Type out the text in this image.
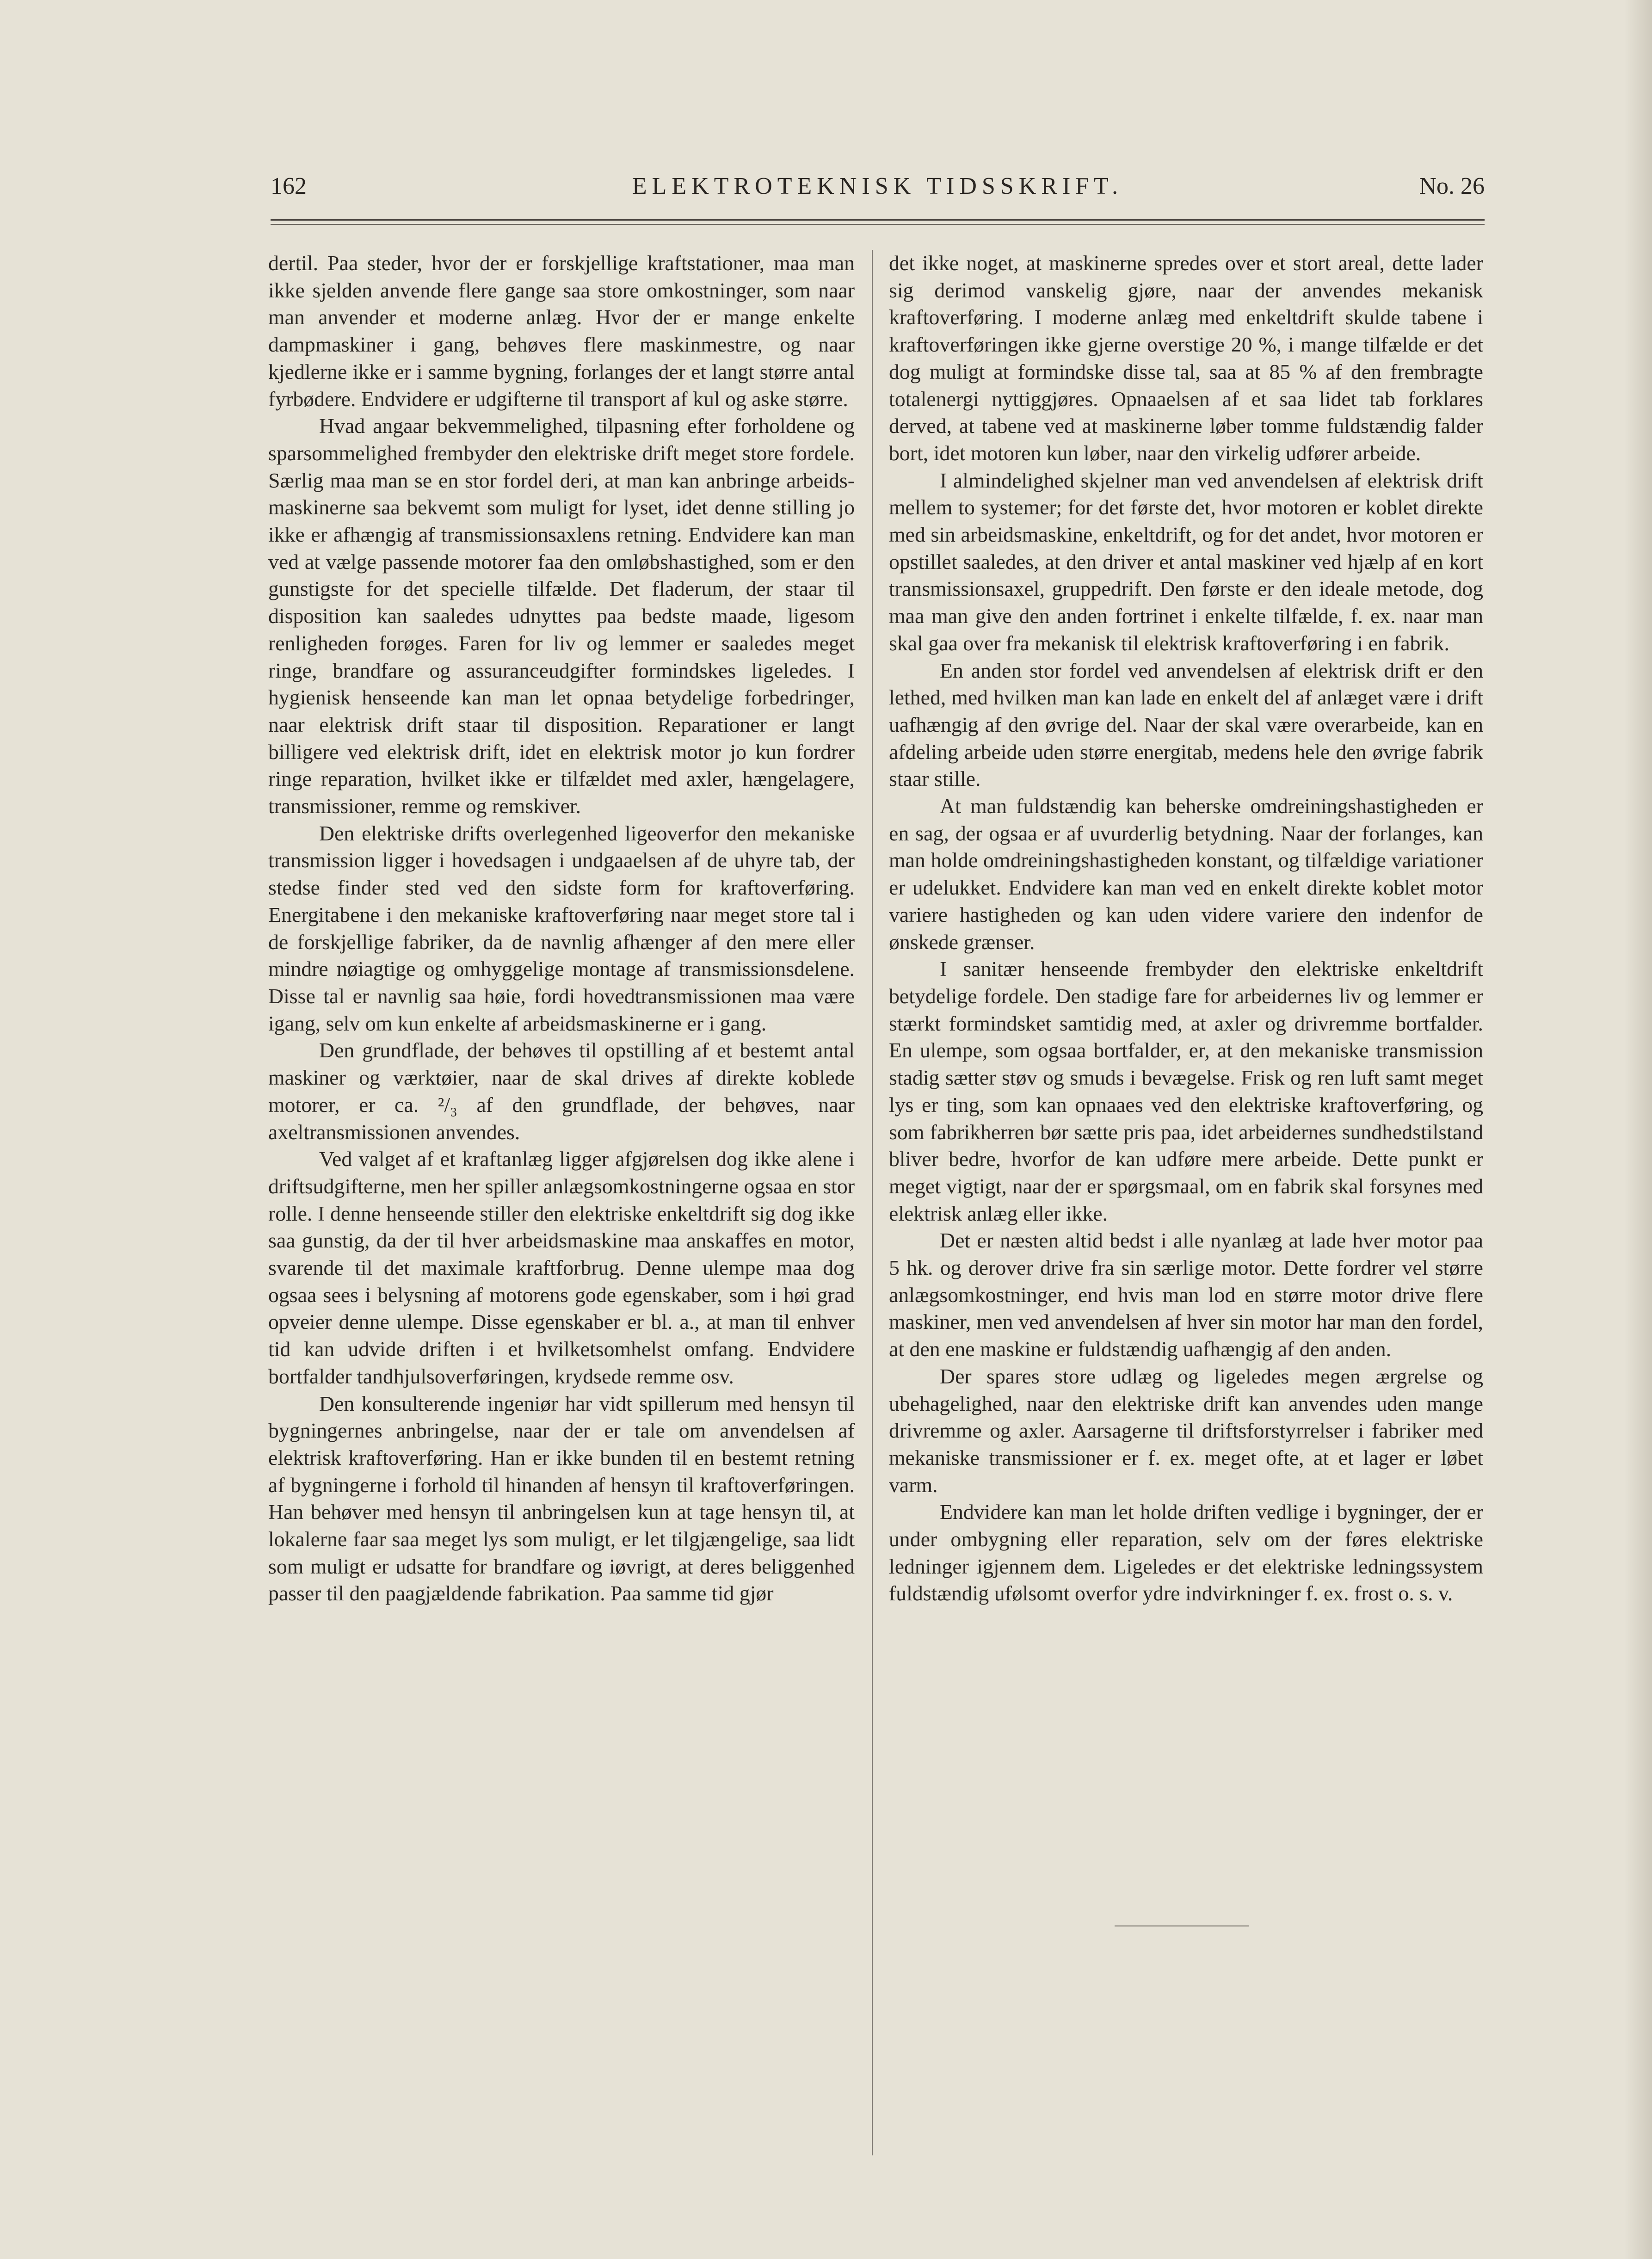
162	ELEKTROTEKNISK TIDSSKRIFT.	No. 26

dertil. Paa steder, hvor der er forskjellige kraftstationer, maa man ikke sjelden anvende flere gange saa store omkostninger, som naar man anvender et moderne anlæg. Hvor der er mange enkelte dampmaskiner i gang, behøves flere maskinmestre, og naar kjedlerne ikke er i samme bygning, forlanges der et langt større antal fyrbødere. Endvidere er udgifterne til transport af kul og aske større.

Hvad angaar bekvemmelighed, tilpasning efter forholdene og sparsommelighed frembyder den elektriske drift meget store fordele. Særlig maa man se en stor fordel deri, at man kan anbringe arbeidsmaskinerne saa bekvemt som muligt for lyset, idet denne stilling jo ikke er afhængig af transmissionsaxlens retning. Endvidere kan man ved at vælge passende motorer faa den omløbshastighed, som er den gunstigste for det specielle tilfælde. Det fladerum, der staar til disposition kan saaledes udnyttes paa bedste maade, ligesom renligheden forøges. Faren for liv og lemmer er saaledes meget ringe, brandfare og assuranceudgifter formindskes ligeledes. I hygienisk henseende kan man let opnaa betydelige forbedringer, naar elektrisk drift staar til disposition. Reparationer er langt billigere ved elektrisk drift, idet en elektrisk motor jo kun fordrer ringe reparation, hvilket ikke er tilfældet med axler, hængelagere, transmissioner, remme og remskiver.

Den elektriske drifts overlegenhed ligeoverfor den mekaniske transmission ligger i hovedsagen i undgaaelsen af de uhyre tab, der stedse finder sted ved den sidste form for kraftoverføring. Energitabene i den mekaniske kraftoverføring naar meget store tal i de forskjellige fabriker, da de navnlig afhænger af den mere eller mindre nøiagtige og omhyggelige montage af transmissionsdelene. Disse tal er navnlig saa høie, fordi hovedtransmissionen maa være igang, selv om kun enkelte af arbeidsmaskinerne er i gang.

Den grundflade, der behøves til opstilling af et bestemt antal maskiner og værktøier, naar de skal drives af direkte koblede motorer, er ca. ²/₃ af den grundflade, der behøves, naar axeltransmissionen anvendes.

Ved valget af et kraftanlæg ligger afgjørelsen dog ikke alene i driftsudgifterne, men her spiller anlægsomkostningerne ogsaa en stor rolle. I denne henseende stiller den elektriske enkeltdrift sig dog ikke saa gunstig, da der til hver arbeidsmaskine maa anskaffes en motor, svarende til det maximale kraftforbrug. Denne ulempe maa dog ogsaa sees i belysning af motorens gode egenskaber, som i høi grad opveier denne ulempe. Disse egenskaber er bl. a., at man til enhver tid kan udvide driften i et hvilketsomhelst omfang. Endvidere bortfalder tandhjulsoverføringen, krydsede remme osv.

Den konsulterende ingeniør har vidt spillerum med hensyn til bygningernes anbringelse, naar der er tale om anvendelsen af elektrisk kraftoverføring. Han er ikke bunden til en bestemt retning af bygningerne i forhold til hinanden af hensyn til kraftoverføringen. Han behøver med hensyn til anbringelsen kun at tage hensyn til, at lokalerne faar saa meget lys som muligt, er let tilgjængelige, saa lidt som muligt er udsatte for brandfare og iøvrigt, at deres beliggenhed passer til den paagjældende fabrikation. Paa samme tid gjør

det ikke noget, at maskinerne spredes over et stort areal, dette lader sig derimod vanskelig gjøre, naar der anvendes mekanisk kraftoverføring. I moderne anlæg med enkeltdrift skulde tabene i kraftoverføringen ikke gjerne overstige 20 %, i mange tilfælde er det dog muligt at formindske disse tal, saa at 85 % af den frembragte totalenergi nyttiggjøres. Opnaaelsen af et saa lidet tab forklares derved, at tabene ved at maskinerne løber tomme fuldstændig falder bort, idet motoren kun løber, naar den virkelig udfører arbeide.

I almindelighed skjelner man ved anvendelsen af elektrisk drift mellem to systemer; for det første det, hvor motoren er koblet direkte med sin arbeidsmaskine, enkeltdrift, og for det andet, hvor motoren er opstillet saaledes, at den driver et antal maskiner ved hjælp af en kort transmissionsaxel, gruppedrift. Den første er den ideale metode, dog maa man give den anden fortrinet i enkelte tilfælde, f. ex. naar man skal gaa over fra mekanisk til elektrisk kraftoverføring i en fabrik.

En anden stor fordel ved anvendelsen af elektrisk drift er den lethed, med hvilken man kan lade en enkelt del af anlæget være i drift uafhængig af den øvrige del. Naar der skal være overarbeide, kan en afdeling arbeide uden større energitab, medens hele den øvrige fabrik staar stille.

At man fuldstændig kan beherske omdreiningshastigheden er en sag, der ogsaa er af uvurderlig betydning. Naar der forlanges, kan man holde omdreiningshastigheden konstant, og tilfældige variationer er udelukket. Endvidere kan man ved en enkelt direkte koblet motor variere hastigheden og kan uden videre variere den indenfor de ønskede grænser.

I sanitær henseende frembyder den elektriske enkeltdrift betydelige fordele. Den stadige fare for arbeidernes liv og lemmer er stærkt formindsket samtidig med, at axler og drivremme bortfalder. En ulempe, som ogsaa bortfalder, er, at den mekaniske transmission stadig sætter støv og smuds i bevægelse. Frisk og ren luft samt meget lys er ting, som kan opnaaes ved den elektriske kraftoverføring, og som fabrikherren bør sætte pris paa, idet arbeidernes sundhedstilstand bliver bedre, hvorfor de kan udføre mere arbeide. Dette punkt er meget vigtigt, naar der er spørgsmaal, om en fabrik skal forsynes med elektrisk anlæg eller ikke.

Det er næsten altid bedst i alle nyanlæg at lade hver motor paa 5 hk. og derover drive fra sin særlige motor. Dette fordrer vel større anlægsomkostninger, end hvis man lod en større motor drive flere maskiner, men ved anvendelsen af hver sin motor har man den fordel, at den ene maskine er fuldstændig uafhængig af den anden.

Der spares store udlæg og ligeledes megen ærgrelse og ubehagelighed, naar den elektriske drift kan anvendes uden mange drivremme og axler. Aarsagerne til driftsforstyrrelser i fabriker med mekaniske transmissioner er f. ex. meget ofte, at et lager er løbet varm.

Endvidere kan man let holde driften vedlige i bygninger, der er under ombygning eller reparation, selv om der føres elektriske ledninger igjennem dem. Ligeledes er det elektriske ledningssystem fuldstændig ufølsomt overfor ydre indvirkninger f. ex. frost o. s. v.
